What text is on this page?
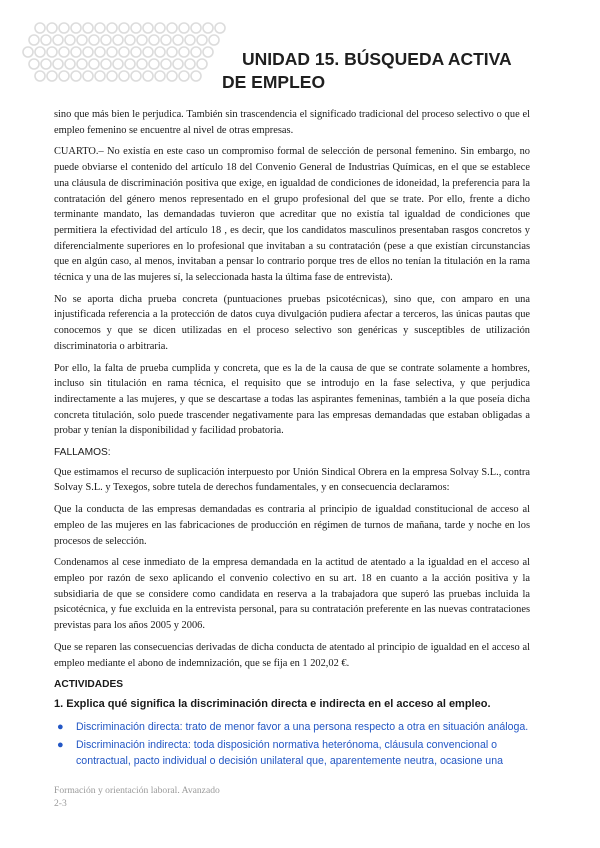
UNIDAD 15. BÚSQUEDA ACTIVA
DE EMPLEO

sino que más bien le perjudica. También sin trascendencia el significado tradicional del proceso selectivo o que el empleo femenino se encuentre al nivel de otras empresas.

CUARTO.– No existía en este caso un compromiso formal de selección de personal femenino. Sin embargo, no puede obviarse el contenido del artículo 18 del Convenio General de Industrias Químicas, en el que se establece una cláusula de discriminación positiva que exige, en igualdad de condiciones de idoneidad, la preferencia para la contratación del género menos representado en el grupo profesional del que se trate. Por ello, frente a dicho terminante mandato, las demandadas tuvieron que acreditar que no existía tal igualdad de condiciones que permitiera la efectividad del artículo 18 , es decir, que los candidatos masculinos presentaban rasgos concretos y diferencialmente superiores en lo profesional que invitaban a su contratación (pese a que existían circunstancias que en algún caso, al menos, invitaban a pensar lo contrario porque tres de ellos no tenían la titulación en la rama técnica y una de las mujeres sí, la seleccionada hasta la última fase de entrevista).

No se aporta dicha prueba concreta (puntuaciones pruebas psicotécnicas), sino que, con amparo en una injustificada referencia a la protección de datos cuya divulgación pudiera afectar a terceros, las únicas pautas que conocemos y que se dicen utilizadas en el proceso selectivo son genéricas y susceptibles de utilización discriminatoria o arbitraria.

Por ello, la falta de prueba cumplida y concreta, que es la de la causa de que se contrate solamente a hombres, incluso sin titulación en rama técnica, el requisito que se introdujo en la fase selectiva, y que perjudica indirectamente a las mujeres, y que se descartase a todas las aspirantes femeninas, también a la que poseía dicha concreta titulación, solo puede trascender negativamente para las empresas demandadas que estaban obligadas a probar y tenían la disponibilidad y facilidad probatoria.

FALLAMOS:

Que estimamos el recurso de suplicación interpuesto por Unión Sindical Obrera en la empresa Solvay S.L., contra Solvay S.L. y Texegos, sobre tutela de derechos fundamentales, y en consecuencia declaramos:

Que la conducta de las empresas demandadas es contraria al principio de igualdad constitucional de acceso al empleo de las mujeres en las fabricaciones de producción en régimen de turnos de mañana, tarde y noche en los procesos de selección.

Condenamos al cese inmediato de la empresa demandada en la actitud de atentado a la igualdad en el acceso al empleo por razón de sexo aplicando el convenio colectivo en su art. 18 en cuanto a la acción positiva y la subsidiaria de que se considere como candidata en reserva a la trabajadora que superó las pruebas incluida la psicotécnica, y fue excluida en la entrevista personal, para su contratación preferente en las nuevas contrataciones previstas para los años 2005 y 2006.

Que se reparen las consecuencias derivadas de dicha conducta de atentado al principio de igualdad en el acceso al empleo mediante el abono de indemnización, que se fija en 1 202,02 €.

ACTIVIDADES
1. Explica qué significa la discriminación directa e indirecta en el acceso al empleo.
● Discriminación directa: trato de menor favor a una persona respecto a otra en situación análoga.
● Discriminación indirecta: toda disposición normativa heterónoma, cláusula convencional o contractual, pacto individual o decisión unilateral que, aparentemente neutra, ocasione una
Formación y orientación laboral. Avanzado
2-3
